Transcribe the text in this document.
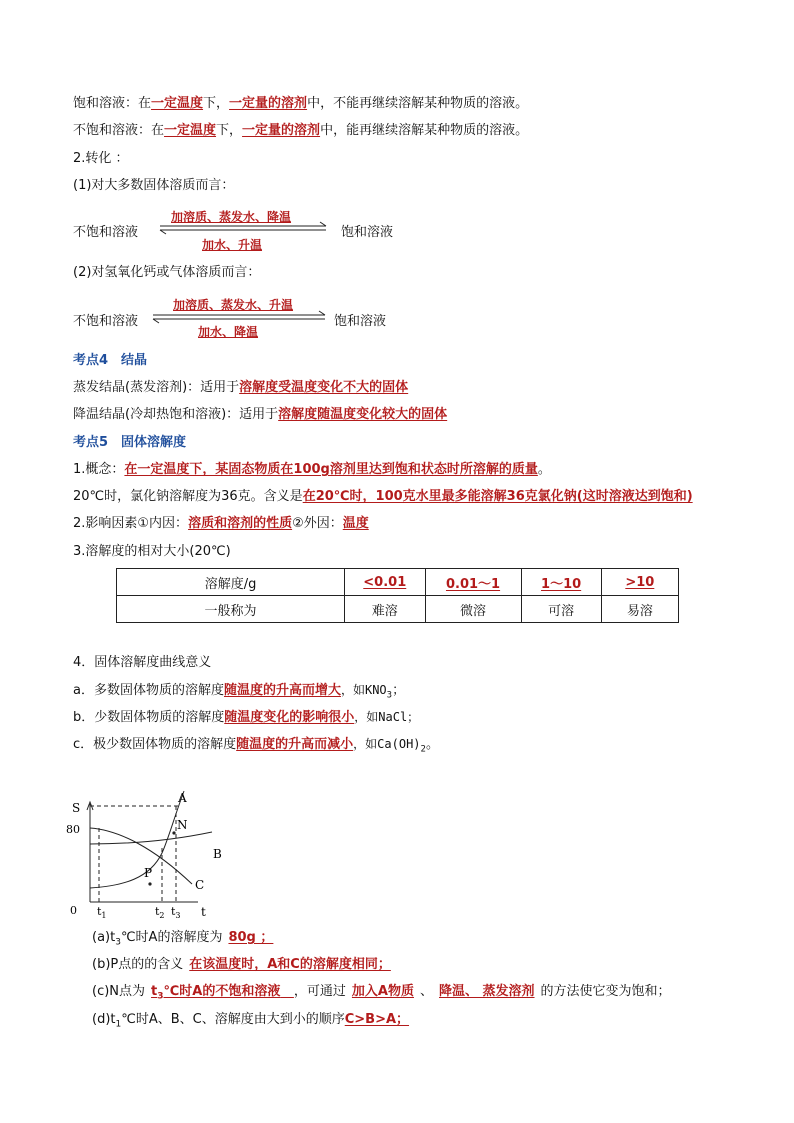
饱和溶液：在一定温度下，一定量的溶剂中，不能再继续溶解某种物质的溶液。
不饱和溶液：在一定温度下，一定量的溶剂中，能再继续溶解某种物质的溶液。
2.转化 ：
(1)对大多数固体溶质而言：
不饱和溶液
加溶质、蒸发水、降温
加水、升温
饱和溶液
(2)对氢氧化钙或气体溶质而言：
不饱和溶液
加溶质、蒸发水、升温
加水、降温
饱和溶液
考点4　结晶
蒸发结晶(蒸发溶剂)：适用于溶解度受温度变化不大的固体
降温结晶(冷却热饱和溶液)：适用于溶解度随温度变化较大的固体
考点5　固体溶解度
1.概念：在一定温度下，某固态物质在100g溶剂里达到饱和状态时所溶解的质量。
20℃时，氯化钠溶解度为36克。含义是在20℃时，100克水里最多能溶解36克氯化钠(这时溶液达到饱和)
2.影响因素①内因：溶质和溶剂的性质②外因：温度
3.溶解度的相对大小(20℃)
溶解度/g	<0.01	0.01～1	1～10	>10
一般称为	难溶	微溶	可溶	易溶
4．固体溶解度曲线意义
a．多数固体物质的溶解度随温度的升高而增大，如$KNO_3$；
b．少数固体物质的溶解度随温度变化的影响很小，如NaCl；
c．极少数固体物质的溶解度随温度的升高而减小，如$Ca(OH)_2$。
S
80
0	t
$t_1$	$t_2$ $t_3$
A
B
C
N
P
$(a)t_3℃$时A的溶解度为 80g ；
(b)P点的的含义 在该温度时，A和C的溶解度相同；
(c)N点为 $t_3℃$时A的不饱和溶液 ，可通过 加入A物质 、 降温、 蒸发溶剂 的方法使它变为饱和；
$(d)t_1℃$时A、B、C、溶解度由大到小的顺序C>B>A；
